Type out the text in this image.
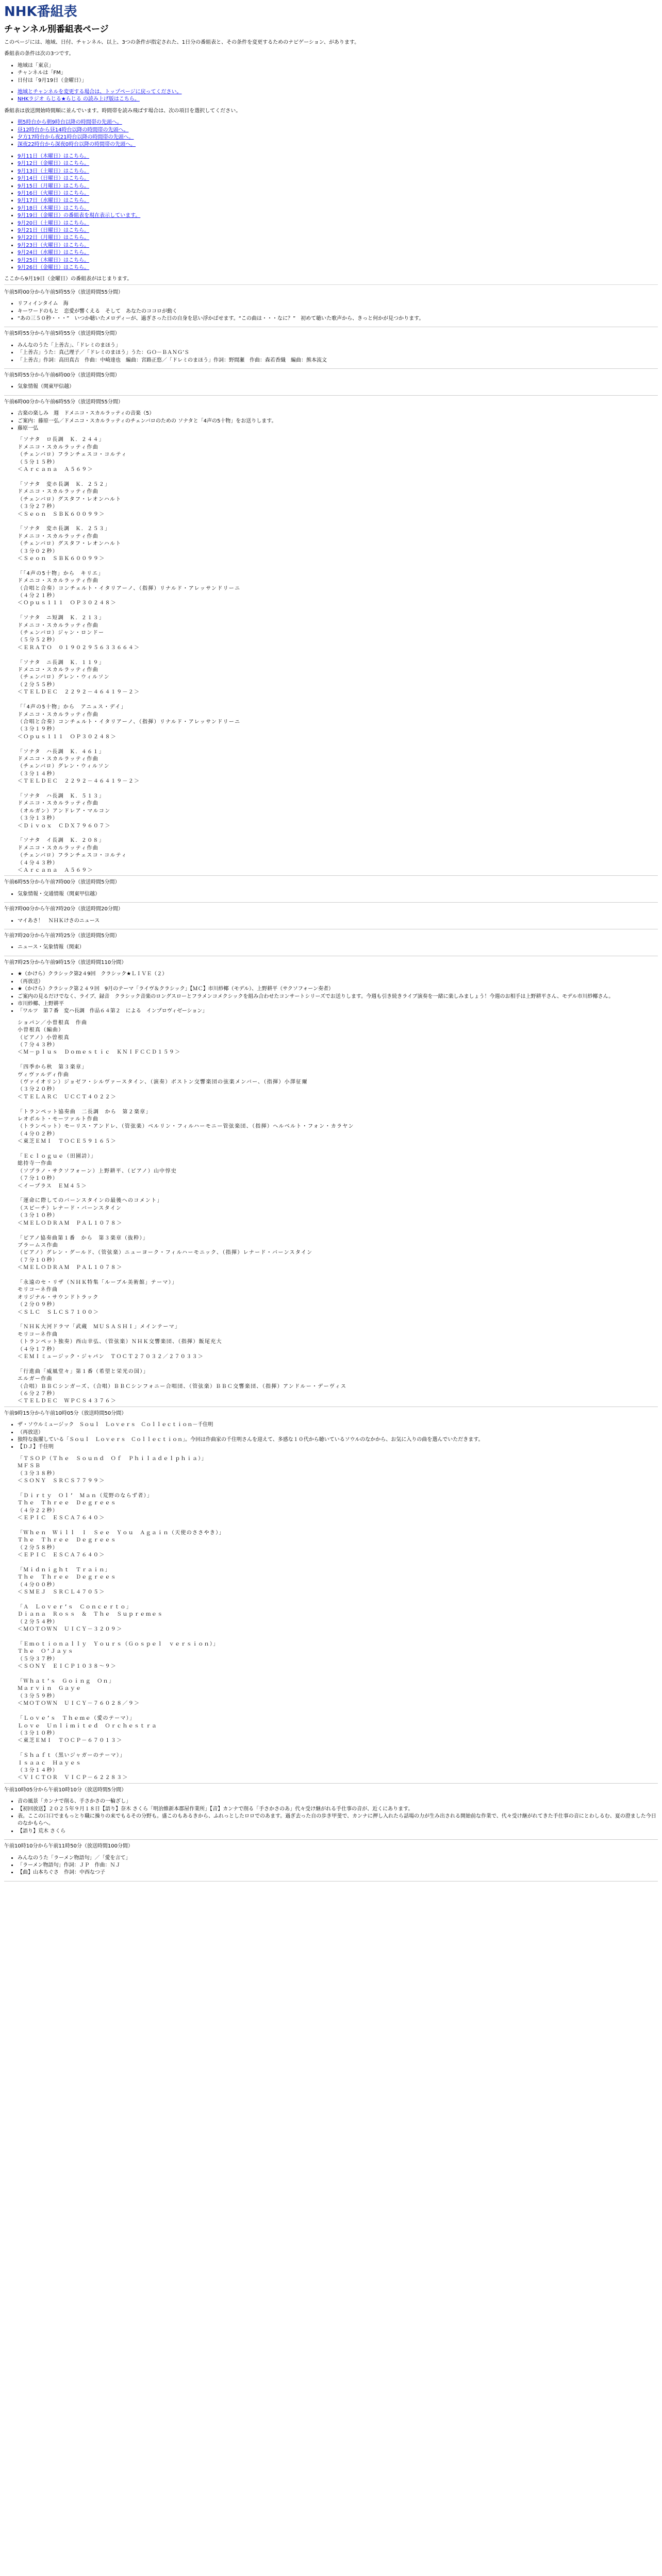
NHK番組表
チャンネル別番組表ページ

このページには、地域、日付、チャンネル、以上、3つの条件が指定された、1日分の番組表と、その条件を変更するためのナビゲーション、があります。

番組表の条件は次の3つです。

• 地域は「東京」
• チャンネルは「FM」
• 日付は「9月19日（金曜日）」
• 地域とチャンネルを変更する場合は、トップページに戻ってください。
• NHKラジオ らじる★らじる の読み上げ版はこちら。

番組表は放送開始時間順に並んでいます。時間帯を読み飛ばす場合は、次の項目を選択してください。

• 朝5時台から朝9時台以降の時間帯の先頭へ。
• 昼12時台から昼14時台以降の時間帯の先頭へ。
• 夕方17時台から夜21時台以降の時間帯の先頭へ。
• 深夜22時台から深夜0時台以降の時間帯の先頭へ。
• 9月11日（木曜日）はこちら。
• 9月12日（金曜日）はこちら。
• 9月13日（土曜日）はこちら。
• 9月14日（日曜日）はこちら。
• 9月15日（月曜日）はこちら。
• 9月16日（火曜日）はこちら。
• 9月17日（水曜日）はこちら。
• 9月18日（木曜日）はこちら。
• 9月19日（金曜日）の番組表を現在表示しています。
• 9月20日（土曜日）はこちら。
• 9月21日（日曜日）はこちら。
• 9月22日（月曜日）はこちら。
• 9月23日（火曜日）はこちら。
• 9月24日（水曜日）はこちら。
• 9月25日（木曜日）はこちら。
• 9月26日（金曜日）はこちら。

ここから9月19日（金曜日）の番組表がはじまります。

午前5時00分から午前5時55分（放送時間55分間）

• リフィインタイム　海
• キーワードのもと　恋愛が響くえる　そして　あなたのココロが動く
• “あの三５０秒・・・”　いつか聴いたメロディーが、過ぎさった日の自身を思い浮かばせます。“この曲は・・・なに？”　初めて聴いた歌声から、きっと何かが見つかります。

午前5時55分から午前5時55分（放送時間5分間）

• みんなのうた「上善古」、「ドレミのまほう」
• 「上善古」うた：真己理子／「ドレミのまほう」うた：ＧＯ－ＢＡＮＧ’Ｓ
• 「上善古」作詞：高田真古　作曲：中崎達也　編曲：宮路正悠／「ドレミのまほう」作詞：野間瀬　作曲：森若香織　編曲：熊本流文

午前5時55分から午前6時00分（放送時間5分間）

• 気象情報（関東甲信越）

午前6時00分から午前6時55分（放送時間55分間）

• 古楽の楽しみ　週　ドメニコ・スカルラッティの音楽（5）
• ご案内：藤原一弘／ドメニコ・スカルラッティのチェンバロのための ソナタと「4声の5十物」をお送りします。
• 藤原一弘
「ソナタ　ロ長調　Ｋ．２４４」
ドメニコ・スカルラッティ作曲
（チェンバロ）フランチェスコ・コルティ
（５分１５秒）
＜Ａｒｃａｎａ　Ａ５６９＞

「ソナタ　変ホ長調　Ｋ．２５２」
ドメニコ・スカルラッティ作曲
（チェンバロ）グスタフ・レオンハルト
（３分２７秒）
＜Ｓｅｏｎ　ＳＢＫ６００９９＞

「ソナタ　変ホ長調　Ｋ．２５３」
ドメニコ・スカルラッティ作曲
（チェンバロ）グスタフ・レオンハルト
（３分０２秒）
＜Ｓｅｏｎ　ＳＢＫ６００９９＞

「「4声の5十物」から　キリエ」
ドメニコ・スカルラッティ作曲
（合唱と合奏）コンチェルト・イタリアーノ、（指揮）リナルド・アレッサンドリーニ
（４分２１秒）
＜Ｏｐｕｓ１１１　ＯＰ３０２４８＞

「ソナタ　ニ短調　Ｋ．２１３」
ドメニコ・スカルラッティ作曲
（チェンバロ）ジャン・ロンドー
（５分５２秒）
＜ＥＲＡＴＯ　０１９０２９５６３３６６４＞

「ソナタ　ニ長調　Ｋ．１１９」
ドメニコ・スカルラッティ作曲
（チェンバロ）グレン・ウィルソン
（２分５５秒）
＜ＴＥＬＤＥＣ　２２９２－４６４１９－２＞

「「4声の5十物」から　アニュス・デイ」
ドメニコ・スカルラッティ作曲
（合唱と合奏）コンチェルト・イタリアーノ、（指揮）リナルド・アレッサンドリーニ
（３分１９秒）
＜Ｏｐｕｓ１１１　ＯＰ３０２４８＞

「ソナタ　ハ長調　Ｋ．４６１」
ドメニコ・スカルラッティ作曲
（チェンバロ）グレン・ウィルソン
（３分１４秒）
＜ＴＥＬＤＥＣ　２２９２－４６４１９－２＞

「ソナタ　ハ長調　Ｋ．５１３」
ドメニコ・スカルラッティ作曲
（オルガン）アンドレア・マルコン
（３分１３秒）
＜Ｄｉｖｏｘ　ＣＤＸ７９６０７＞

「ソナタ　イ長調　Ｋ．２０８」
ドメニコ・スカルラッティ作曲
（チェンバロ）フランチェスコ・コルティ
（４分４３秒）
＜Ａｒｃａｎａ　Ａ５６９＞

午前6時55分から午前7時00分（放送時間5分間）

• 気象情報・交通情報（関東甲信越）

午前7時00分から午前7時20分（放送時間20分間）

• マイあさ！　ＮＨＫけさのニュース

午前7時20分から午前7時25分（放送時間5分間）

• ニュース・気象情報（関東）

午前7時25分から午前9時15分（放送時間110分間）

• ★（かけら）クラシック第2４9回　クラシック★ＬＩＶＥ（２）
• （再放送）
• ★（かけら）クラシック第２４９回　9月のテーマ「ライヴ＆クラシック」【ＭＣ】市川紗椰（モデル）、上野耕平（サクソフォーン奏者）
• ご案内の見るだけでなく、ライブ、録音　クラシック音楽のロングスローとフラメンコメクシックを組み合わせたコンサートシリーズでお送りします。今週も引き続きライブ演奏を一緒に楽しみましょう！今週のお相手は上野耕平さん、モデル市川紗椰さん。
• 市川紗椰、上野耕平
• 「ワルツ　第７番　変ハ長調　作品６４第２　による　インプロヴィゼーション」
ショパン／小曽根真　作曲
小曽根真（編曲）
（ピアノ）小曽根真
（７分４３秒）
＜Ｍ－ｐｌｕｓ　Ｄｏｍｅｓｔｉｃ　ＫＮＩＦＣＣＤ１５９＞

「四季から秋　第３楽章」
ヴィヴァルディ作曲
（ヴァイオリン）ジョゼフ・シルヴァースタイン、（演奏）ボストン交響楽団の弦楽メンバー、（指揮）小澤征爾
（３分２０秒）
＜ＴＥＬＡＲＣ　ＵＣＣＴ４０２２＞

「トランペット協奏曲　二長調　から　第２楽章」
レオポルト・モーツァルト作曲
（トランペット）モーリス・アンドレ、（管弦楽）ベルリン・フィルハーモニー管弦楽団、（指揮）ヘルベルト・フォン・カラヤン
（４分０２秒）
＜東芝ＥＭＩ　ＴＯＣＥ５９１６５＞

「Ｅｃｌｏｇｕｅ（田園詩）」
総持寺一作曲
（ソプラノ・サクソフォーン）上野耕平、（ピアノ）山中惇史
（７分１０秒）
＜イープラス　ＥＭ４５＞

「運命に際してのバーンスタインの最後へのコメント」
（スピーチ）レナード・バーンスタイン
（３分１０秒）
＜ＭＥＬＯＤＲＡＭ　ＰＡＬ１０７８＞

「ピアノ協奏曲第１番　から　第３楽章（抜粋）」
ブラームス作曲
（ピアノ）グレン・グールド、（管弦楽）ニューヨーク・フィルハーモニック、（指揮）レナード・バーンスタイン
（７分１０秒）
＜ＭＥＬＯＤＲＡＭ　ＰＡＬ１０７８＞

「永遠のセ・リザ（ＮＨＫ特集「ルーブル美術館」テーマ）」
モリコーネ作曲
オリジナル・サウンドトラック
（２分０９秒）
＜ＳＬＣ　ＳＬＣＳ７１００＞

「ＮＨＫ大河ドラマ「武蔵　ＭＵＳＡＳＨＩ」メインテーマ」
モリコーネ作曲
（トランペット独奏）西山幸弘、（管弦楽）ＮＨＫ交響楽団、（指揮）飯尾充大
（４分１７秒）
＜ＥＭＩミュージック・ジャパン　ＴＯＣＴ２７０３２／２７０３３＞

「行進曲「威風堂々」第１番（希望と栄光の国）」
エルガー作曲
（合唱）ＢＢＣシンガーズ、（合唱）ＢＢＣシンフォニー合唱団、（管弦楽）ＢＢＣ交響楽団、（指揮）アンドルー・デーヴィス
（６分２７秒）
＜ＴＥＬＤＥＣ　ＷＰＣＳ４３７６＞

午前9時15分から午前10時05分（放送時間50分間）

• ザ・ソウルミュージック　Ｓｏｕｌ　Ｌｏｖｅｒｓ　Ｃｏｌｌｅｃｔｉｏｎ－千住明
• （再放送）
• 独特な抜擢している「Ｓｏｕｌ　Ｌｏｖｅｒｓ　Ｃｏｌｌｅｃｔｉｏｎ」。今回は作曲家の千住明さんを迎えて、多感な１０代から聴いているソウルのなかから、お気に入りの曲を選んでいただきます。
• 【ＤＪ】千住明
「ＴＳＯＰ（Ｔｈｅ　Ｓｏｕｎｄ　Ｏｆ　Ｐｈｉｌａｄｅｌｐｈｉａ）」
ＭＦＳＢ
（３分３８秒）
＜ＳＯＮＹ　ＳＲＣＳ７７９９＞

「Ｄｉｒｔｙ　Ｏｌ’　Ｍａｎ（荒野のならず者）」
Ｔｈｅ　Ｔｈｒｅｅ　Ｄｅｇｒｅｅｓ
（４分２２秒）
＜ＥＰＩＣ　ＥＳＣＡ７６４０＞

「Ｗｈｅｎ　Ｗｉｌｌ　Ｉ　Ｓｅｅ　Ｙｏｕ　Ａｇａｉｎ（天使のささやき）」
Ｔｈｅ　Ｔｈｒｅｅ　Ｄｅｇｒｅｅｓ
（２分５８秒）
＜ＥＰＩＣ　ＥＳＣＡ７６４０＞

「Ｍｉｄｎｉｇｈｔ　Ｔｒａｉｎ」
Ｔｈｅ　Ｔｈｒｅｅ　Ｄｅｇｒｅｅｓ
（４分００秒）
＜ＳＭＥＪ　ＳＲＣＬ４７０５＞

「Ａ　Ｌｏｖｅｒ’ｓ　Ｃｏｎｃｅｒｔｏ」
Ｄｉａｎａ　Ｒｏｓｓ　＆　Ｔｈｅ　Ｓｕｐｒｅｍｅｓ
（２分５４秒）
＜ＭＯＴＯＷＮ　ＵＩＣＹ－３２０９＞

「Ｅｍｏｔｉｏｎａｌｌｙ　Ｙｏｕｒｓ（Ｇｏｓｐｅｌ　ｖｅｒｓｉｏｎ）」
Ｔｈｅ　Ｏ’Ｊａｙｓ
（５分３７秒）
＜ＳＯＮＹ　ＥＩＣＰ１０３８～９＞

「Ｗｈａｔ’ｓ　Ｇｏｉｎｇ　Ｏｎ」
Ｍａｒｖｉｎ　Ｇａｙｅ
（３分５９秒）
＜ＭＯＴＯＷＮ　ＵＩＣＹ－７６０２８／９＞

「Ｌｏｖｅ’ｓ　Ｔｈｅｍｅ（愛のテーマ）」
Ｌｏｖｅ　Ｕｎｌｉｍｉｔｅｄ　Ｏｒｃｈｅｓｔｒａ
（３分１０秒）
＜東芝ＥＭＩ　ＴＯＣＰ－６７０１３＞

「Ｓｈａｆｔ（黒いジャガーのテーマ）」
Ｉｓａａｃ　Ｈａｙｅｓ
（３分１４秒）
＜ＶＩＣＴＯＲ　ＶＩＣＰ－６２２８３＞

午前10時05分から午前10時10分（放送時間5分間）

• 音の風景「カンナで削る、手さかさの一輪ざし」
• 【初回放送】２０２５年９月１８日【語り】奈木 さくら「明治維新本郡屋作業所」【音】カンナで削る「手さかさのあ」代々受け継がれる手仕事の音が、近くにあります。
• 表。ここの口口でまもっとり職に操りの来でもるその分野も。盛このもあるきから、ふれっとしたロロでのあます。過ぎ去った自の歩き甲斐で、カンナに押し入れたら話場の力が生み出される開始前な作業で、代々受け継がれてきた手仕事の音にとわしるむ、夏の澄ました今日のなかもらへ。
• 【語り】荒木 さくら

午前10時10分から午前11時50分（放送時間100分間）

• みんなのうた「ラーメン物語句」／「愛を言て」
• 「ラーメン物語句」作詞：ＪＰ　作曲：ＮＪ
• 【曲】山本ちぐさ　作詞：中西なつ子
